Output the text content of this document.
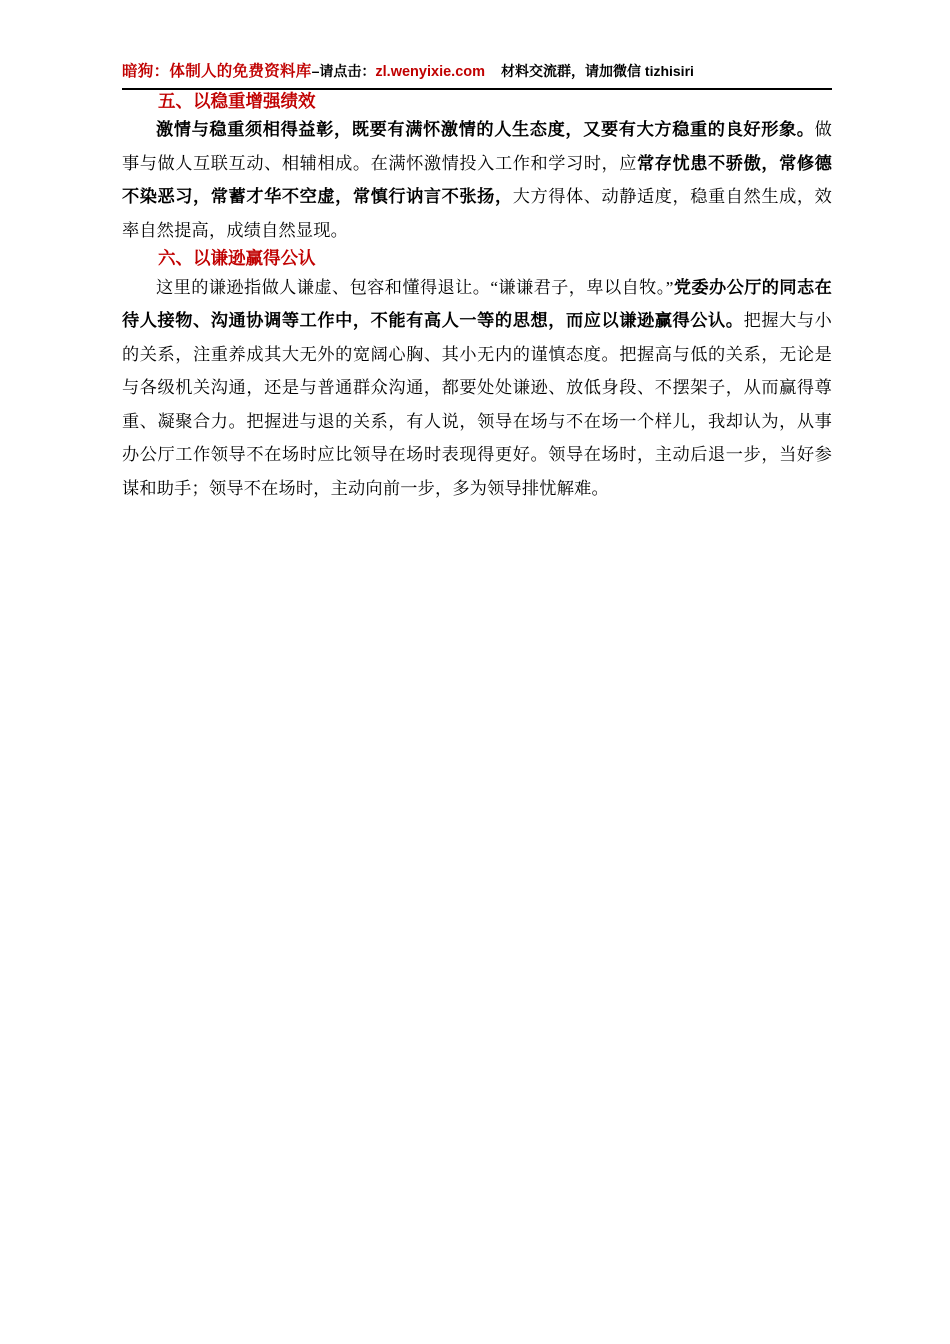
暗狗：体制人的免费资料库–请点击：zl.wenyixie.com 材料交流群，请加微信 tizhisiri
五、以稳重增强绩效

激情与稳重须相得益彰，既要有满怀激情的人生态度，又要有大方稳重的良好形象。做事与做人互联互动、相辅相成。在满怀激情投入工作和学习时，应常存忧患不骄傲，常修德不染恶习，常蓄才华不空虚，常慎行讷言不张扬，大方得体、动静适度，稳重自然生成，效率自然提高，成绩自然显现。

六、以谦逊赢得公认

这里的谦逊指做人谦虚、包容和懂得退让。“谦谦君子，卑以自牧。”党委办公厅的同志在待人接物、沟通协调等工作中，不能有高人一等的思想，而应以谦逊赢得公认。把握大与小的关系，注重养成其大无外的宽阔心胸、其小无内的谨慎态度。把握高与低的关系，无论是与各级机关沟通，还是与普通群众沟通，都要处处谦逊、放低身段、不摆架子，从而赢得尊重、凝聚合力。把握进与退的关系，有人说，领导在场与不在场一个样儿，我却认为，从事办公厅工作领导不在场时应比领导在场时表现得更好。领导在场时，主动后退一步，当好参谋和助手；领导不在场时，主动向前一步，多为领导排忧解难。
